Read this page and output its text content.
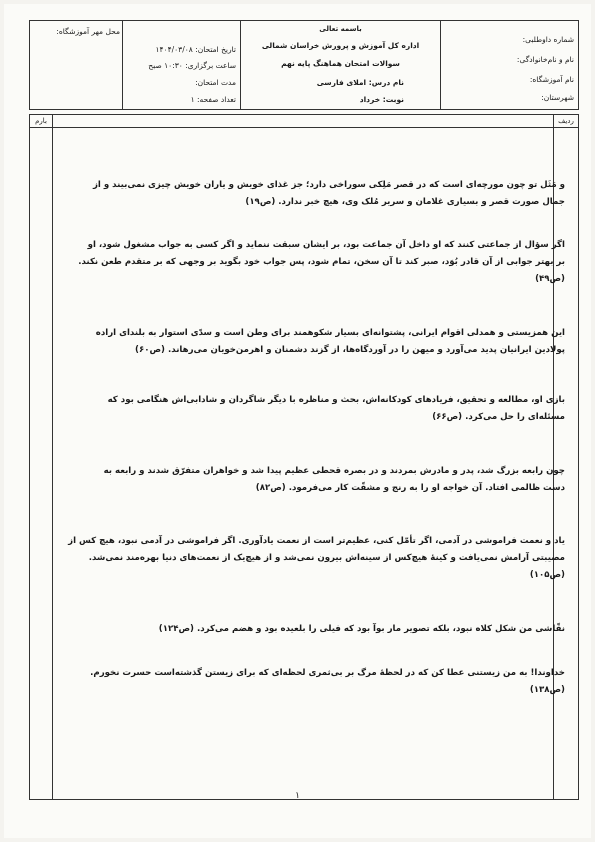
شماره داوطلبی:
نام و نام‌خانوادگی:
نام آموزشگاه:
شهرستان:
باسمه تعالی
اداره کل آموزش و پرورش خراسان شمالی
سوالات امتحان هماهنگ پایه نهم
نام درس: املای فارسی
نوبت: خرداد
تاریخ امتحان: ۱۴۰۴/۰۳/۰۸
ساعت برگزاری: ۱۰:۳۰ صبح
مدت امتحان:
تعداد صفحه: ۱
محل مهر آموزشگاه:
ردیف
بارم
و مَثَل تو چون مورچه‌ای است که در قصر مَلِکی سوراخی دارد؛ جز غذای خویش و یاران خویش چیزی نمی‌بیند و از
جمال صورت قصر و بسیاری غلامان و سریر مُلک وی، هیچ خبر ندارد. (ص۱۹)
اگر سؤال از جماعتی کنند که او داخل آن جماعت بود، بر ایشان سبقت ننماید و اگر کسی به جواب مشغول شود، او
بر بهتر جوابی از آن قادر بُوَد، صبر کند تا آن سخن، تمام شود، پس جواب خود بگوید بر وجهی که بر متقدم طعن نکند.
(ص۴۹)
این همزیستی و همدلی اقوام ایرانی، پشتوانه‌ای بسیار شکوهمند برای وطن است و سدّی استوار به بلندای اراده
پولادین ایرانیان پدید می‌آورد و میهن را در آوردگاه‌ها، از گزند دشمنان و اهرمن‌خویان می‌رهاند. (ص۶۰)
بازی او، مطالعه و تحقیق، فریادهای کودکانه‌اش، بحث و مناظره با دیگر شاگردان و شادابی‌اش هنگامی بود که
مسئله‌ای را حل می‌کرد. (ص۶۶)
چون رابعه بزرگ شد، پدر و مادرش بمردند و در بصره قحطی عظیم پیدا شد و خواهران متفرّق شدند و رابعه به
دست ظالمی افتاد. آن خواجه او را به رنج و مشقّت کار می‌فرمود. (ص۸۲)
یاد و نعمت فراموشی در آدمی، اگر تأمّل کنی، عظیم‌تر است از نعمت یادآوری. اگر فراموشی در آدمی نبود، هیچ کس از
مصیبتی آرامش نمی‌یافت و کینهٔ هیچ‌کس از سینه‌اش بیرون نمی‌شد و از هیچ‌یک از نعمت‌های دنیا بهره‌مند نمی‌شد.
(ص۱۰۵)
نقّاشی من شکل کلاه نبود، بلکه تصویر مار بوآ بود که فیلی را بلعیده بود و هضم می‌کرد. (ص۱۲۴)
خداوندا! به من زیستنی عطا کن که در لحظهٔ مرگ بر بی‌ثمری لحظه‌ای که برای زیستن گذشته‌است حسرت نخورم.
(ص۱۳۸)
۱
